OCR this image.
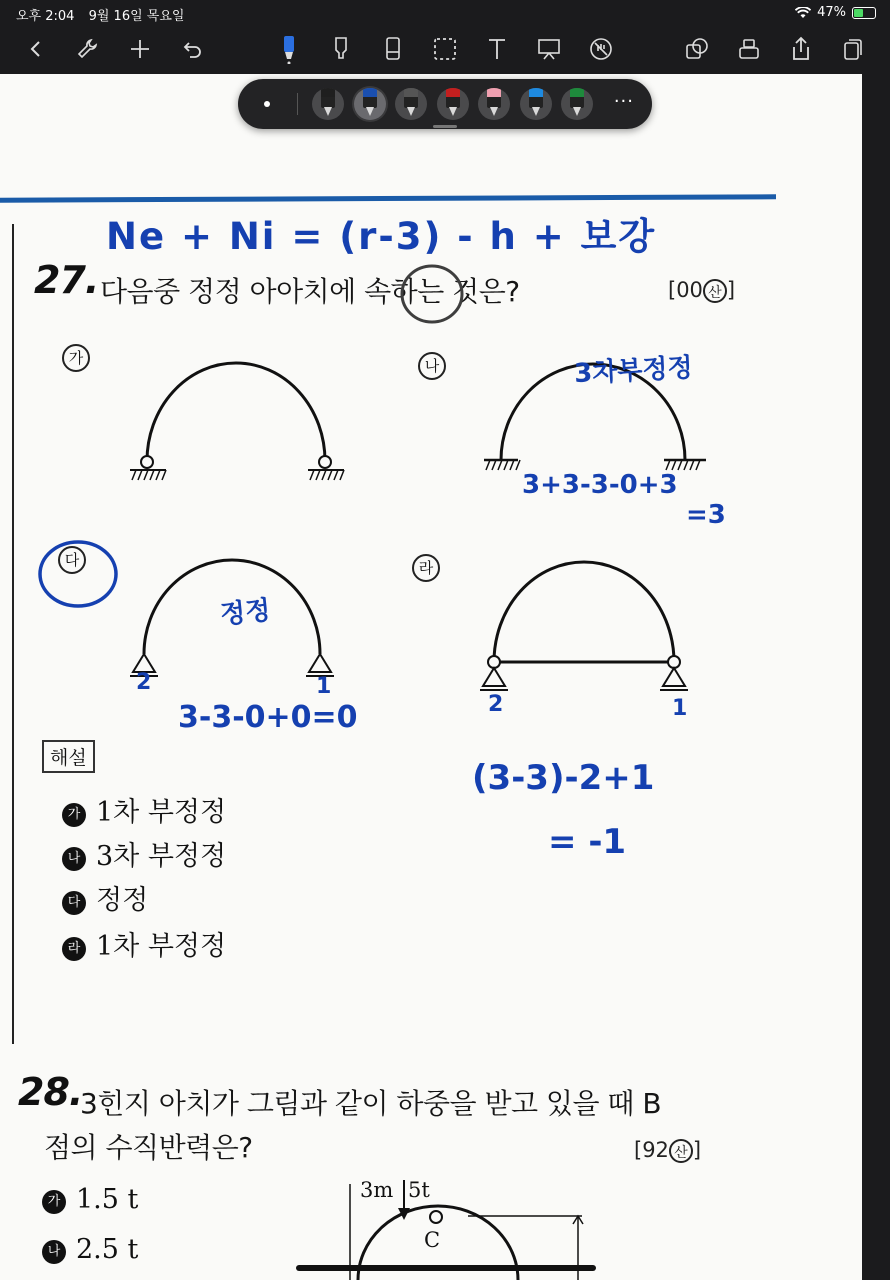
오후 2:04 9월 16일 목요일	47%
Ne + Ni = (r-3) - h + 보강
27. 다음중 정정 아아치에 속하는 것은?	[00 산 ]
가	나
다	라
3차부정정
3+3-3-0+3
=3
정정
2	1
3-3-0+0=0	2	1
(3-3)-2+1
= -1
해설
가 1차 부정정
나 3차 부정정
다 정정
라 1차 부정정
28.
3힌지 아치가 그림과 같이 하중을 받고 있을 때 B
점의 수직반력은?	[92 산 ]
가 1.5 t
나 2.5 t
3m 5t
C
···
